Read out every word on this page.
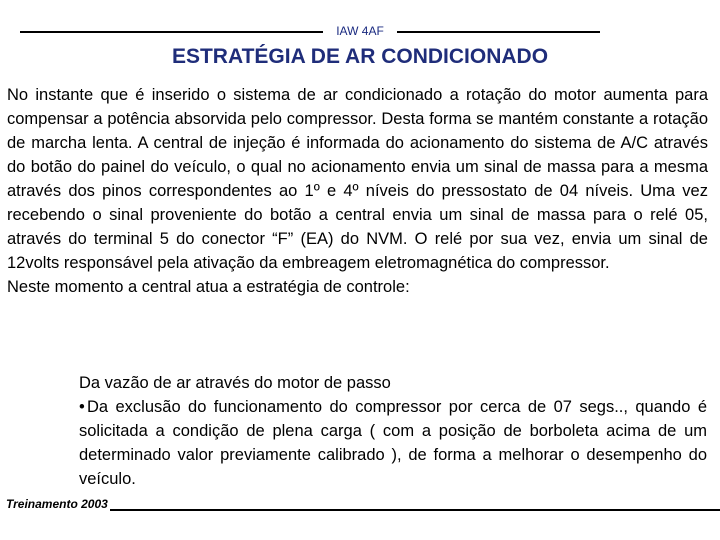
IAW 4AF
ESTRATÉGIA DE AR CONDICIONADO

No instante que é inserido o sistema de ar condicionado a rotação do motor aumenta para compensar a potência absorvida pelo compressor. Desta forma se mantém constante a rotação de marcha lenta. A central de injeção é informada do acionamento do sistema de A/C através do botão do painel do veículo, o qual no acionamento envia um sinal de massa para a mesma através dos pinos correspondentes ao 1º e 4º níveis do pressostato de 04 níveis. Uma vez recebendo o sinal proveniente do botão a central envia um sinal de massa para o relé 05, através do terminal 5 do conector “F” (EA) do NVM. O relé por sua vez, envia um sinal de 12volts responsável pela ativação da embreagem eletromagnética do compressor.

Neste momento a central atua a estratégia de controle:

Da vazão de ar através do motor de passo
• Da exclusão do funcionamento do compressor por cerca de 07 segs.., quando é solicitada a condição de plena carga ( com a posição de borboleta acima de um determinado valor previamente calibrado ), de forma a melhorar o desempenho do veículo.
Treinamento 2003
